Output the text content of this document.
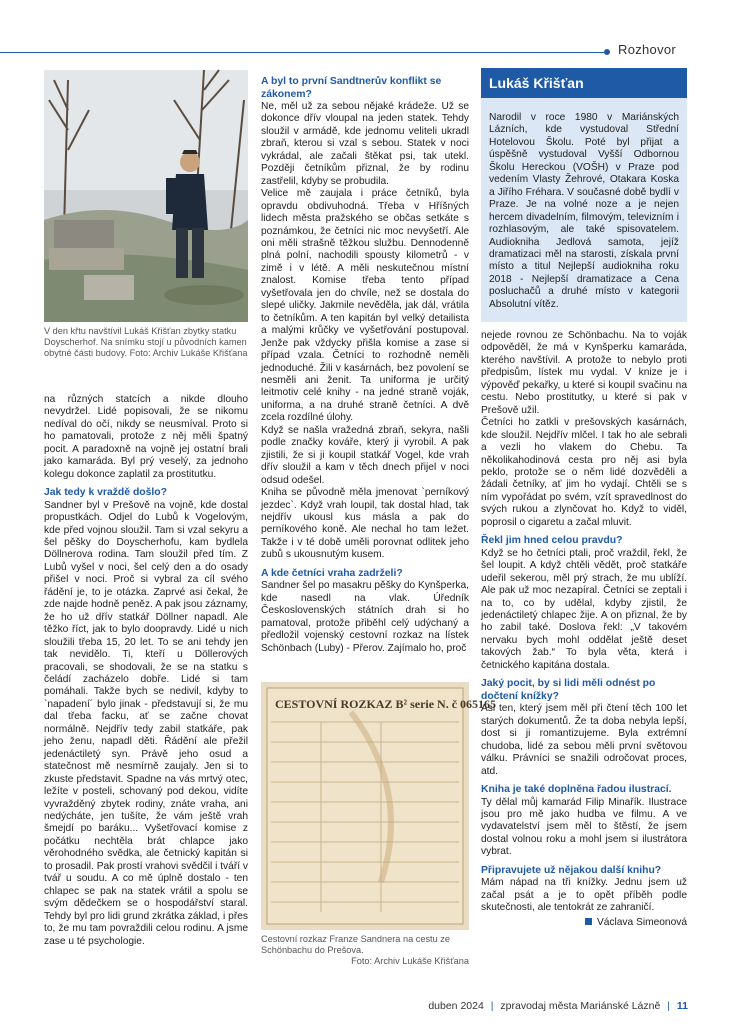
Rozhovor
V den křtu navštívil Lukáš Křišťan zbytky statku Doyscherhof. Na snímku stojí u původních kamen obytné části budovy. Foto: Archiv Lukáše Křišťana

na různých statcích a nikde dlouho nevydržel. Lidé popisovali, že se nikomu nedíval do očí, nikdy se neusmíval. Proto si ho pamatovali, protože z něj měli špatný pocit. A paradoxně na vojně jej ostatní brali jako kamaráda. Byl prý veselý, za jednoho kolegu dokonce zaplatil za prostitutku.

Jak tedy k vraždě došlo?

Sandner byl v Prešově na vojně, kde dostal propustkách. Odjel do Lubů k Vogelovým, kde před vojnou sloužil. Tam si vzal sekyru a šel pěšky do Doyscherhofu, kam bydlela Döllnerova rodina. Tam sloužil před tím. Z Lubů vyšel v noci, šel celý den a do osady přišel v noci. Proč si vybral za cíl svého řádění je, to je otázka. Zaprvé asi čekal, že zde najde hodně peněz. A pak jsou záznamy, že ho už dřív statkář Döllner napadl. Ale těžko říct, jak to bylo doopravdy. Lidé u nich sloužili třeba 15, 20 let. To se ani tehdy jen tak nevidělo. Ti, kteří u Döllerových pracovali, se shodovali, že se na statku s čeládí zacházelo dobře. Lidé si tam pomáhali. Takže bych se nedivil, kdyby to `napadení´ bylo jinak - představují si, že mu dal třeba facku, ať se začne chovat normálně. Nejdřív tedy zabil statkáře, pak jeho ženu, napadl děti. Řádění ale přežil jedenáctiletý syn. Právě jeho osud a statečnost mě nesmírně zaujaly. Jen si to zkuste představit. Spadne na vás mrtvý otec, ležíte v posteli, schovaný pod dekou, vidíte vyvražděný zbytek rodiny, znáte vraha, ani nedýcháte, jen tušíte, že vám ještě vrah šmejdí po baráku... Vyšetřovací komise z počátku nechtěla brát chlapce jako věrohodného svědka, ale četnický kapitán si to prosadil. Pak prostí vrahovi svědčil i tváří v tvář u soudu. A co mě úplně dostalo - ten chlapec se pak na statek vrátil a spolu se svým dědečkem se o hospodářství staral. Tehdy byl pro lidi grund zkrátka základ, i přes to, že mu tam povraždili celou rodinu. A jsme zase u té psychologie.

A byl to první Sandtnerův konflikt se zákonem?

Ne, měl už za sebou nějaké krádeže. Už se dokonce dřív vloupal na jeden statek. Tehdy sloužil v armádě, kde jednomu veliteli ukradl zbraň, kterou si vzal s sebou. Statek v noci vykrádal, ale začali štěkat psi, tak utekl. Později četníkům přiznal, že by rodinu zastřelil, kdyby se probudila.

Velice mě zaujala i práce četníků, byla opravdu obdivuhodná. Třeba v Hříšných lidech města pražského se občas setkáte s poznámkou, že četníci nic moc nevyšetří. Ale oni měli strašně těžkou službu. Dennodenně plná polní, nachodili spousty kilometrů - v zimě i v létě. A měli neskutečnou místní znalost. Komise třeba tento případ vyšetřovala jen do chvíle, než se dostala do slepé uličky. Jakmile nevěděla, jak dál, vrátila to četníkům. A ten kapitán byl velký detailista a malými krůčky ve vyšetřování postupoval. Jenže pak vždycky přišla komise a zase si případ vzala. Četníci to rozhodně neměli jednoduché. Žili v kasárnách, bez povolení se nesměli ani ženit. Ta uniforma je určitý leitmotiv celé knihy - na jedné straně voják, uniforma, a na druhé straně četníci. A dvě zcela rozdílné úlohy.

Když se našla vražedná zbraň, sekyra, našli podle značky kováře, který ji vyrobil. A pak zjistili, že si ji koupil statkář Vogel, kde vrah dřív sloužil a kam v těch dnech přijel v noci odsud odešel.

Kniha se původně měla jmenovat `perníkový jezdec`. Když vrah loupil, tak dostal hlad, tak nejdřív ukousl kus másla a pak do perníkového koně. Ale nechal ho tam ležet. Takže i v té době uměli porovnat odlitek jeho zubů s ukousnutým kusem.

A kde četníci vraha zadrželi?

Sandner šel po masakru pěšky do Kynšperka, kde nasedl na vlak. Úředník Československých státních drah si ho pamatoval, protože přiběhl celý udýchaný a předložil vojenský cestovní rozkaz na lístek Schönbach (Luby) - Přerov. Zajímalo ho, proč

CESTOVNÍ ROZKAZ B² serie N. č 065165
Cestovní rozkaz Franze Sandnera na cestu ze Schönbachu do Prešova.
Foto: Archiv Lukáše Křišťana
Lukáš Křišťan
Narodil v roce 1980 v Mariánských Lázních, kde vystudoval Střední Hotelovou Školu. Poté byl přijat a úspěšně vystudoval Vyšší Odbornou Školu Hereckou (VOŠH) v Praze pod vedením Vlasty Žehrové, Otakara Koska a Jiřího Fréhara. V současné době bydlí v Praze. Je na volné noze a je nejen hercem divadelním, filmovým, televizním i rozhlasovým, ale také spisovatelem. Audiokniha Jedlová samota, jejíž dramatizaci měl na starosti, získala první místo a titul Nejlepší audiokniha roku 2018 - Nejlepší dramatizace a Cena posluchačů a druhé místo v kategorii Absolutní vítěz.

nejede rovnou ze Schönbachu. Na to voják odpověděl, že má v Kynšperku kamaráda, kterého navštívil. A protože to nebylo proti předpisům, lístek mu vydal. V knize je i výpověď pekařky, u které si koupil svačinu na cestu. Nebo prostitutky, u které si pak v Prešově užil.

Četníci ho zatkli v prešovských kasárnách, kde sloužil. Nejdřív mlčel. I tak ho ale sebrali a vezli ho vlakem do Chebu. Ta několikahodinová cesta pro něj asi byla peklo, protože se o něm lidé dozvěděli a žádali četníky, ať jim ho vydají. Chtěli se s ním vypořádat po svém, vzít spravedlnost do svých rukou a zlynčovat ho. Když to viděl, poprosil o cigaretu a začal mluvit.

Řekl jim hned celou pravdu?

Když se ho četníci ptali, proč vraždil, řekl, že šel loupit. A když chtěli vědět, proč statkáře udeřil sekerou, měl prý strach, že mu ublíží. Ale pak už moc nezapíral. Četníci se zeptali i na to, co by udělal, kdyby zjistil, že jedenáctiletý chlapec žije. A on přiznal, že by ho zabil také. Doslova řekl: „V takovém nervaku bych mohl oddělat ještě deset takových žab.“ To byla věta, která i četnického kapitána dostala.

Jaký pocit, by si lidi měli odnést po dočtení knížky?

Asi ten, který jsem měl při čtení těch 100 let starých dokumentů. Že ta doba nebyla lepší, dost si ji romantizujeme. Byla extrémní chudoba, lidé za sebou měli první světovou válku. Právníci se snažili odročovat proces, atd.

Kniha je také doplněna řadou ilustrací.

Ty dělal můj kamarád Filip Minařík. Ilustrace jsou pro mě jako hudba ve filmu. A ve vydavatelství jsem měl to štěstí, že jsem dostal volnou roku a mohl jsem si ilustrátora vybrat.

Připravujete už nějakou další knihu?

Mám nápad na tři knížky. Jednu jsem už začal psát a je to opět příběh podle skutečnosti, ale tentokrát ze zahraničí.

Václava Simeonová

duben 2024 | zpravodaj města Mariánské Lázně | 11
